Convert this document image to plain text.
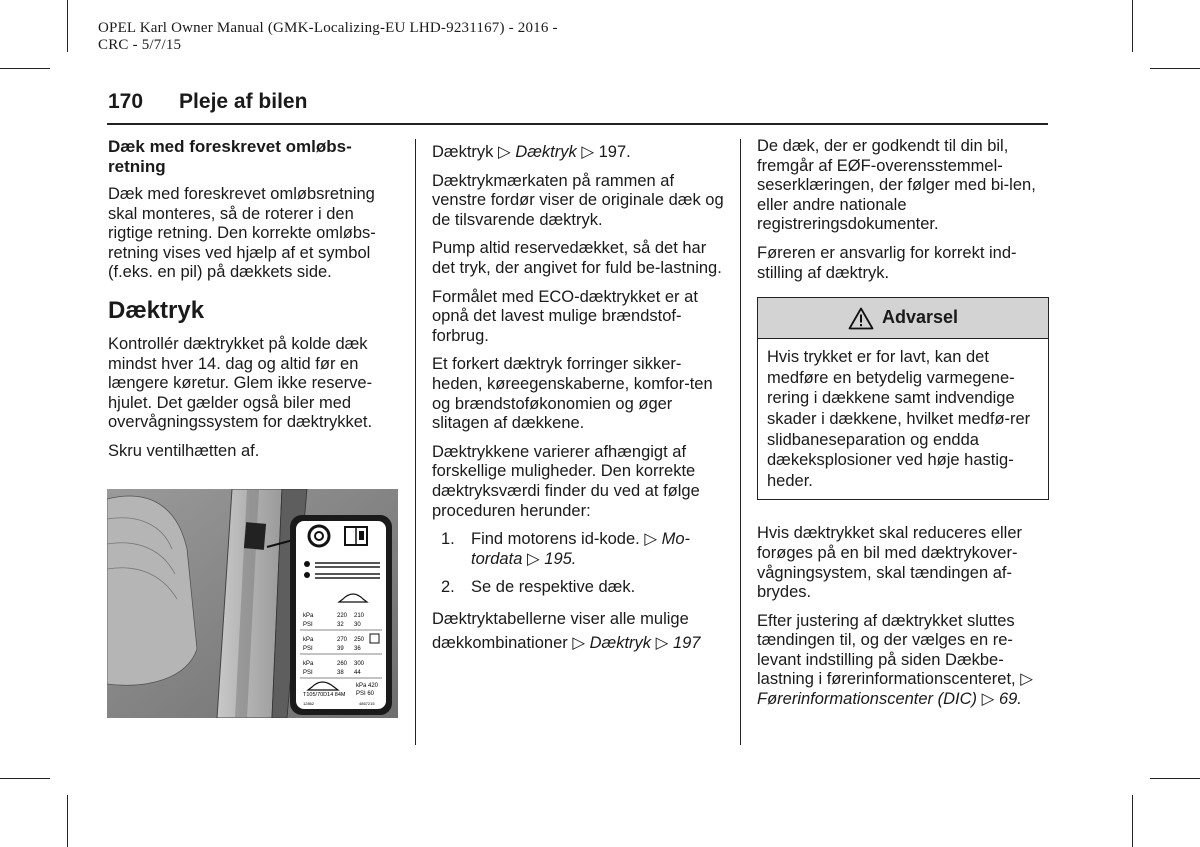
OPEL Karl Owner Manual (GMK-Localizing-EU LHD-9231167) - 2016 -
CRC - 5/7/15
170 Pleje af bilen
Dæk med foreskrevet omløbs-retning

Dæk med foreskrevet omløbsretning skal monteres, så de roterer i den rigtige retning. Den korrekte omløbs-retning vises ved hjælp af et symbol (f.eks. en pil) på dækkets side.

Dæktryk

Kontrollér dæktrykket på kolde dæk mindst hver 14. dag og altid før en længere køretur. Glem ikke reserve-hjulet. Det gælder også biler med overvågningssystem for dæktrykket.

Skru ventilhætten af.

kPa	220 210
PSI	32 30
kPa	270 250
PSI	39 36
kPa	260 300
PSI	38 44
kPa 420
PSI 60
T105/70D14 84M
12862	4867215

Dæktryk ▷ Dæktryk ▷ 197.

Dæktrykmærkaten på rammen af venstre fordør viser de originale dæk og de tilsvarende dæktryk.

Pump altid reservedækket, så det har det tryk, der angivet for fuld be-lastning.

Formålet med ECO-dæktrykket er at opnå det lavest mulige brændstof-forbrug.

Et forkert dæktryk forringer sikker-heden, køreegenskaberne, komfor-ten og brændstoføkonomien og øger slitagen af dækkene.

Dæktrykkene varierer afhængigt af forskellige muligheder. Den korrekte dæktryksværdi finder du ved at følge proceduren herunder:

1. Find motorens id-kode. ▷ Mo-tordata ▷ 195.
2. Se de respektive dæk.

Dæktryktabellerne viser alle mulige dækkombinationer ▷ Dæktryk ▷ 197

De dæk, der er godkendt til din bil, fremgår af EØF-overensstemmel-seserklæringen, der følger med bi-len, eller andre nationale registreringsdokumenter.

Føreren er ansvarlig for korrekt ind-stilling af dæktryk.

Advarsel
Hvis trykket er for lavt, kan det medføre en betydelig varmegene-rering i dækkene samt indvendige skader i dækkene, hvilket medfø-rer slidbaneseparation og endda dækeksplosioner ved høje hastig-heder.

Hvis dæktrykket skal reduceres eller forøges på en bil med dæktrykover-vågningsystem, skal tændingen af-brydes.

Efter justering af dæktrykket sluttes tændingen til, og der vælges en re-levant indstilling på siden Dækbe-lastning i førerinformationscenteret, ▷ Førerinformationscenter (DIC) ▷ 69.
